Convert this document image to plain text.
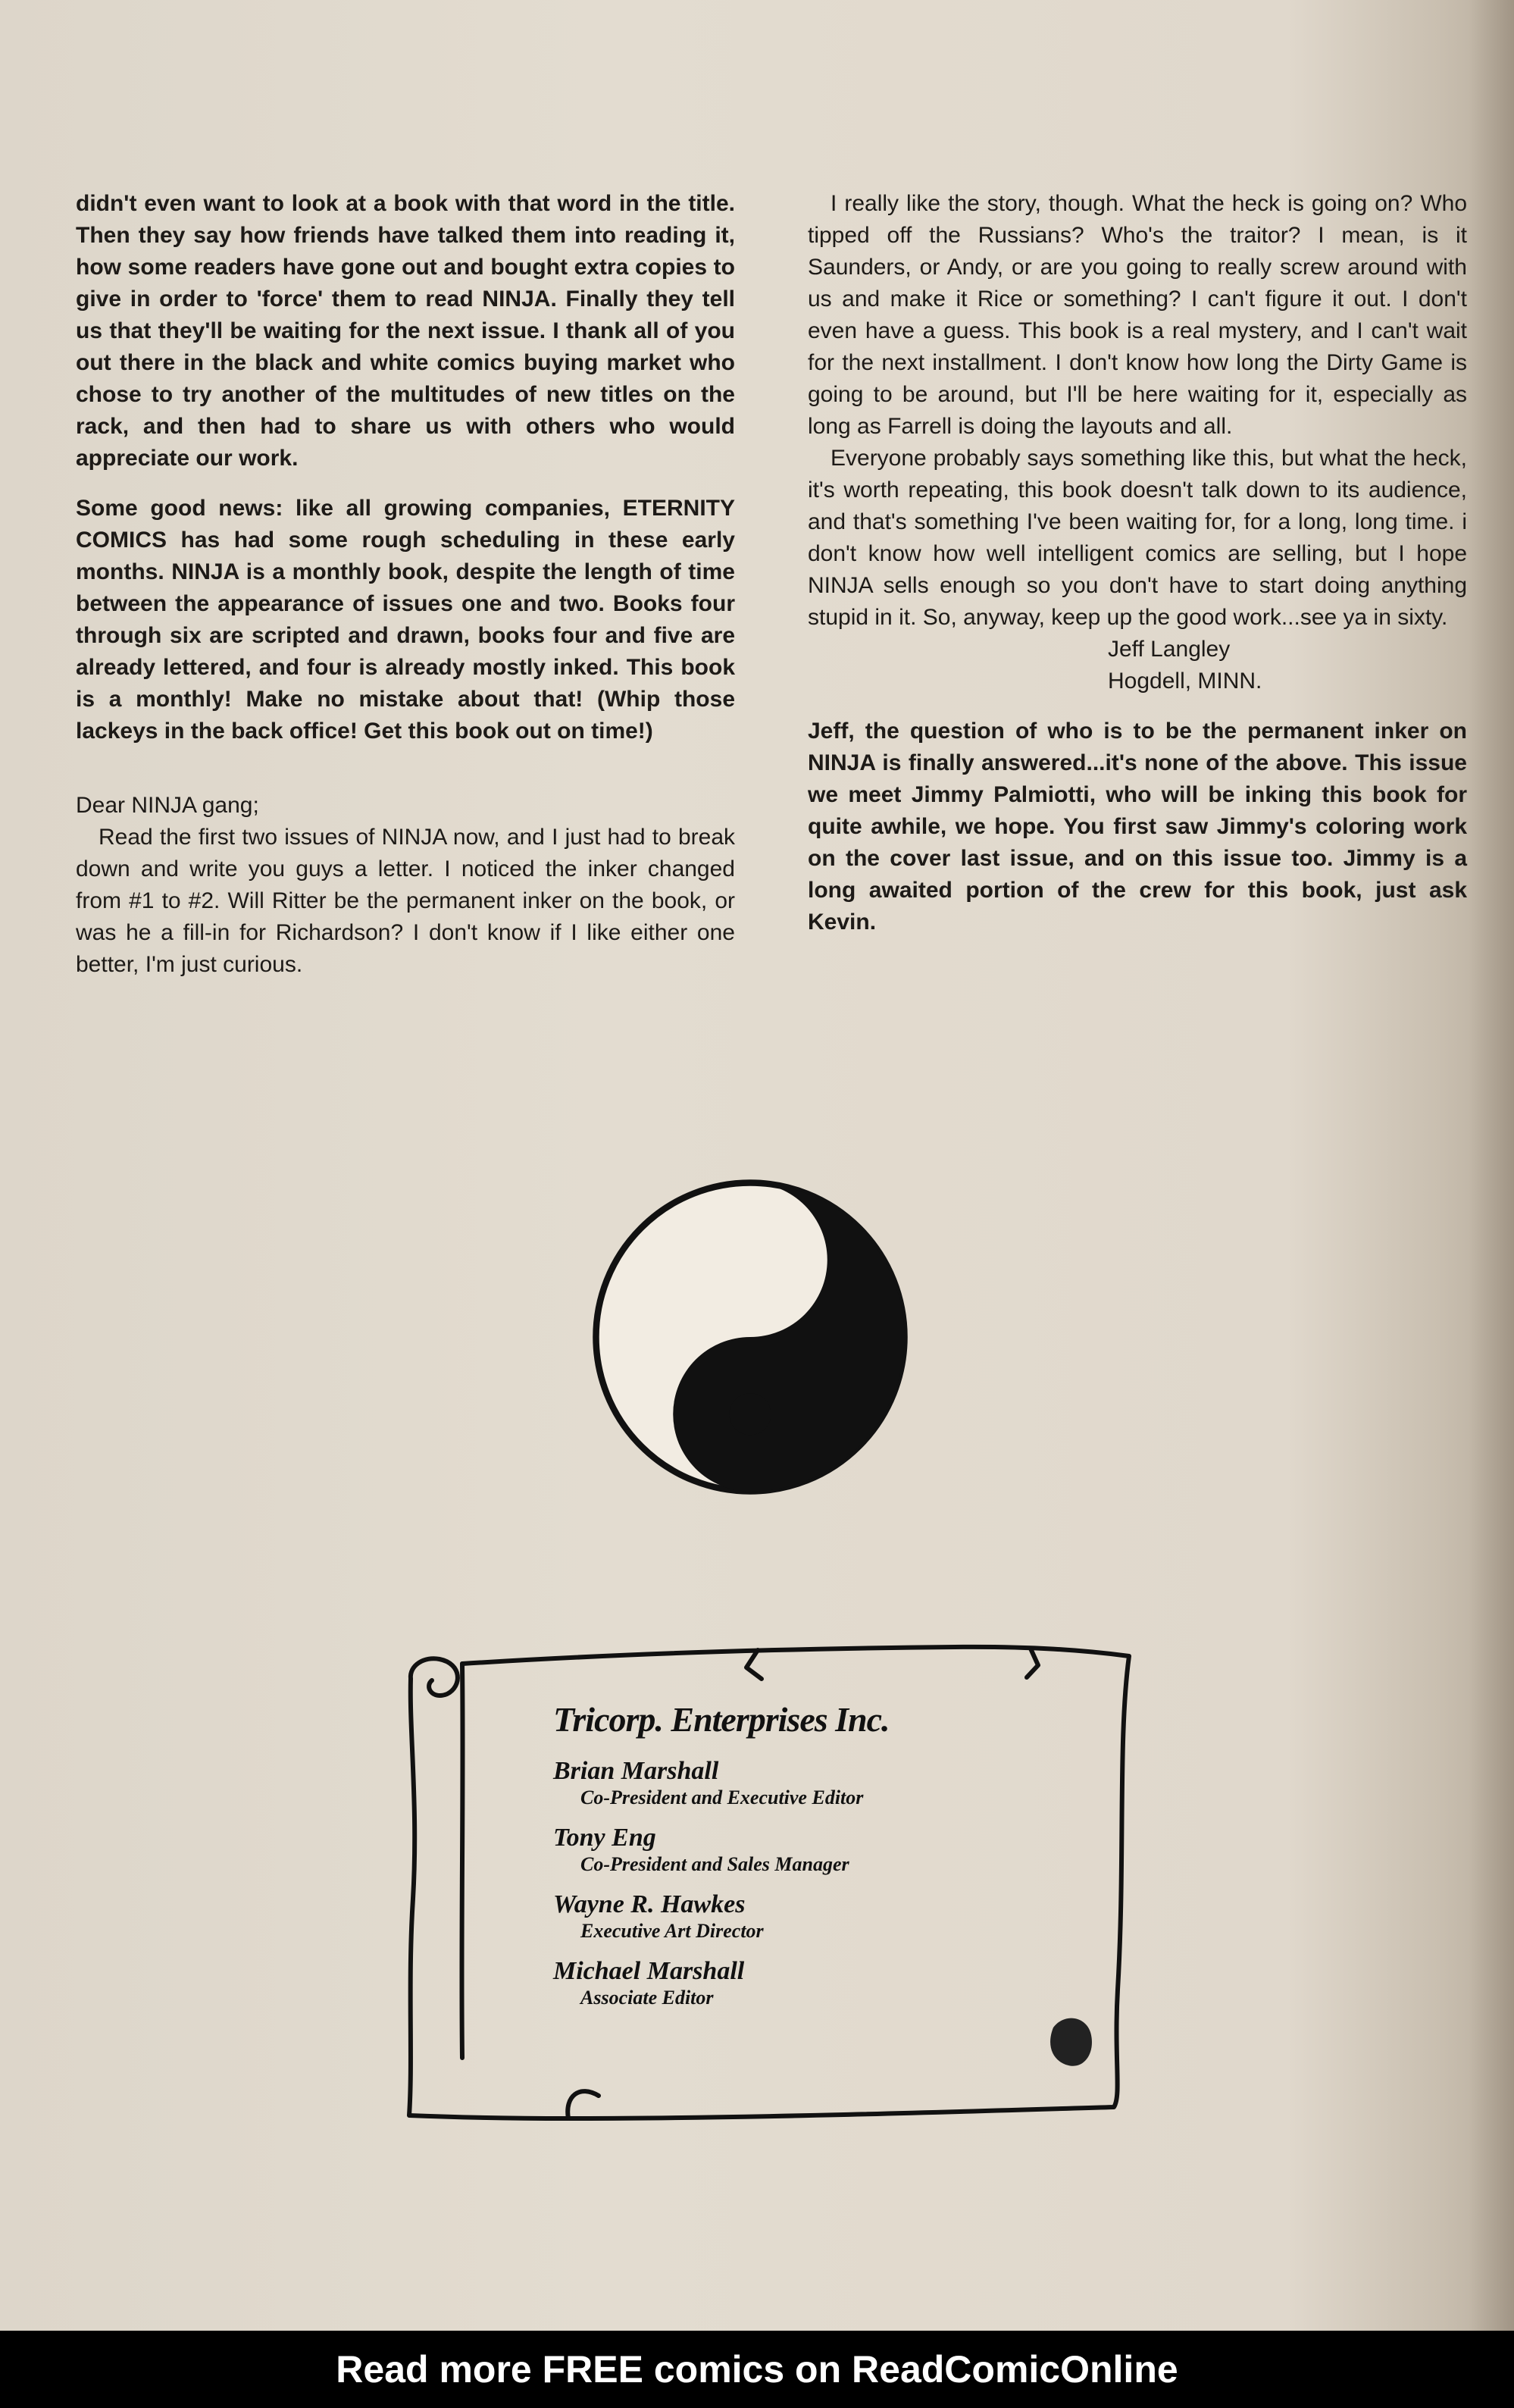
didn't even want to look at a book with that word in the title. Then they say how friends have talked them into reading it, how some readers have gone out and bought extra copies to give in order to 'force' them to read NINJA. Finally they tell us that they'll be waiting for the next issue. I thank all of you out there in the black and white comics buying market who chose to try another of the multitudes of new titles on the rack, and then had to share us with others who would appreciate our work.

Some good news: like all growing companies, ETERNITY COMICS has had some rough scheduling in these early months. NINJA is a monthly book, despite the length of time between the appearance of issues one and two. Books four through six are scripted and drawn, books four and five are already lettered, and four is already mostly inked. This book is a monthly! Make no mistake about that! (Whip those lackeys in the back office! Get this book out on time!)

Dear NINJA gang;

Read the first two issues of NINJA now, and I just had to break down and write you guys a letter. I noticed the inker changed from #1 to #2. Will Ritter be the permanent inker on the book, or was he a fill-in for Richardson? I don't know if I like either one better, I'm just curious.

I really like the story, though. What the heck is going on? Who tipped off the Russians? Who's the traitor? I mean, is it Saunders, or Andy, or are you going to really screw around with us and make it Rice or something? I can't figure it out. I don't even have a guess. This book is a real mystery, and I can't wait for the next installment. I don't know how long the Dirty Game is going to be around, but I'll be here waiting for it, especially as long as Farrell is doing the layouts and all.

Everyone probably says something like this, but what the heck, it's worth repeating, this book doesn't talk down to its audience, and that's something I've been waiting for, for a long, long time. i don't know how well intelligent comics are selling, but I hope NINJA sells enough so you don't have to start doing anything stupid in it. So, anyway, keep up the good work...see ya in sixty.

Jeff Langley

Hogdell, MINN.

Jeff, the question of who is to be the permanent inker on NINJA is finally answered...it's none of the above. This issue we meet Jimmy Palmiotti, who will be inking this book for quite awhile, we hope. You first saw Jimmy's coloring work on the cover last issue, and on this issue too. Jimmy is a long awaited portion of the crew for this book, just ask Kevin.

Tricorp. Enterprises Inc.

Brian Marshall

Co-President and Executive Editor

Tony Eng

Co-President and Sales Manager

Wayne R. Hawkes

Executive Art Director

Michael Marshall

Associate Editor

Read more FREE comics on ReadComicOnline
